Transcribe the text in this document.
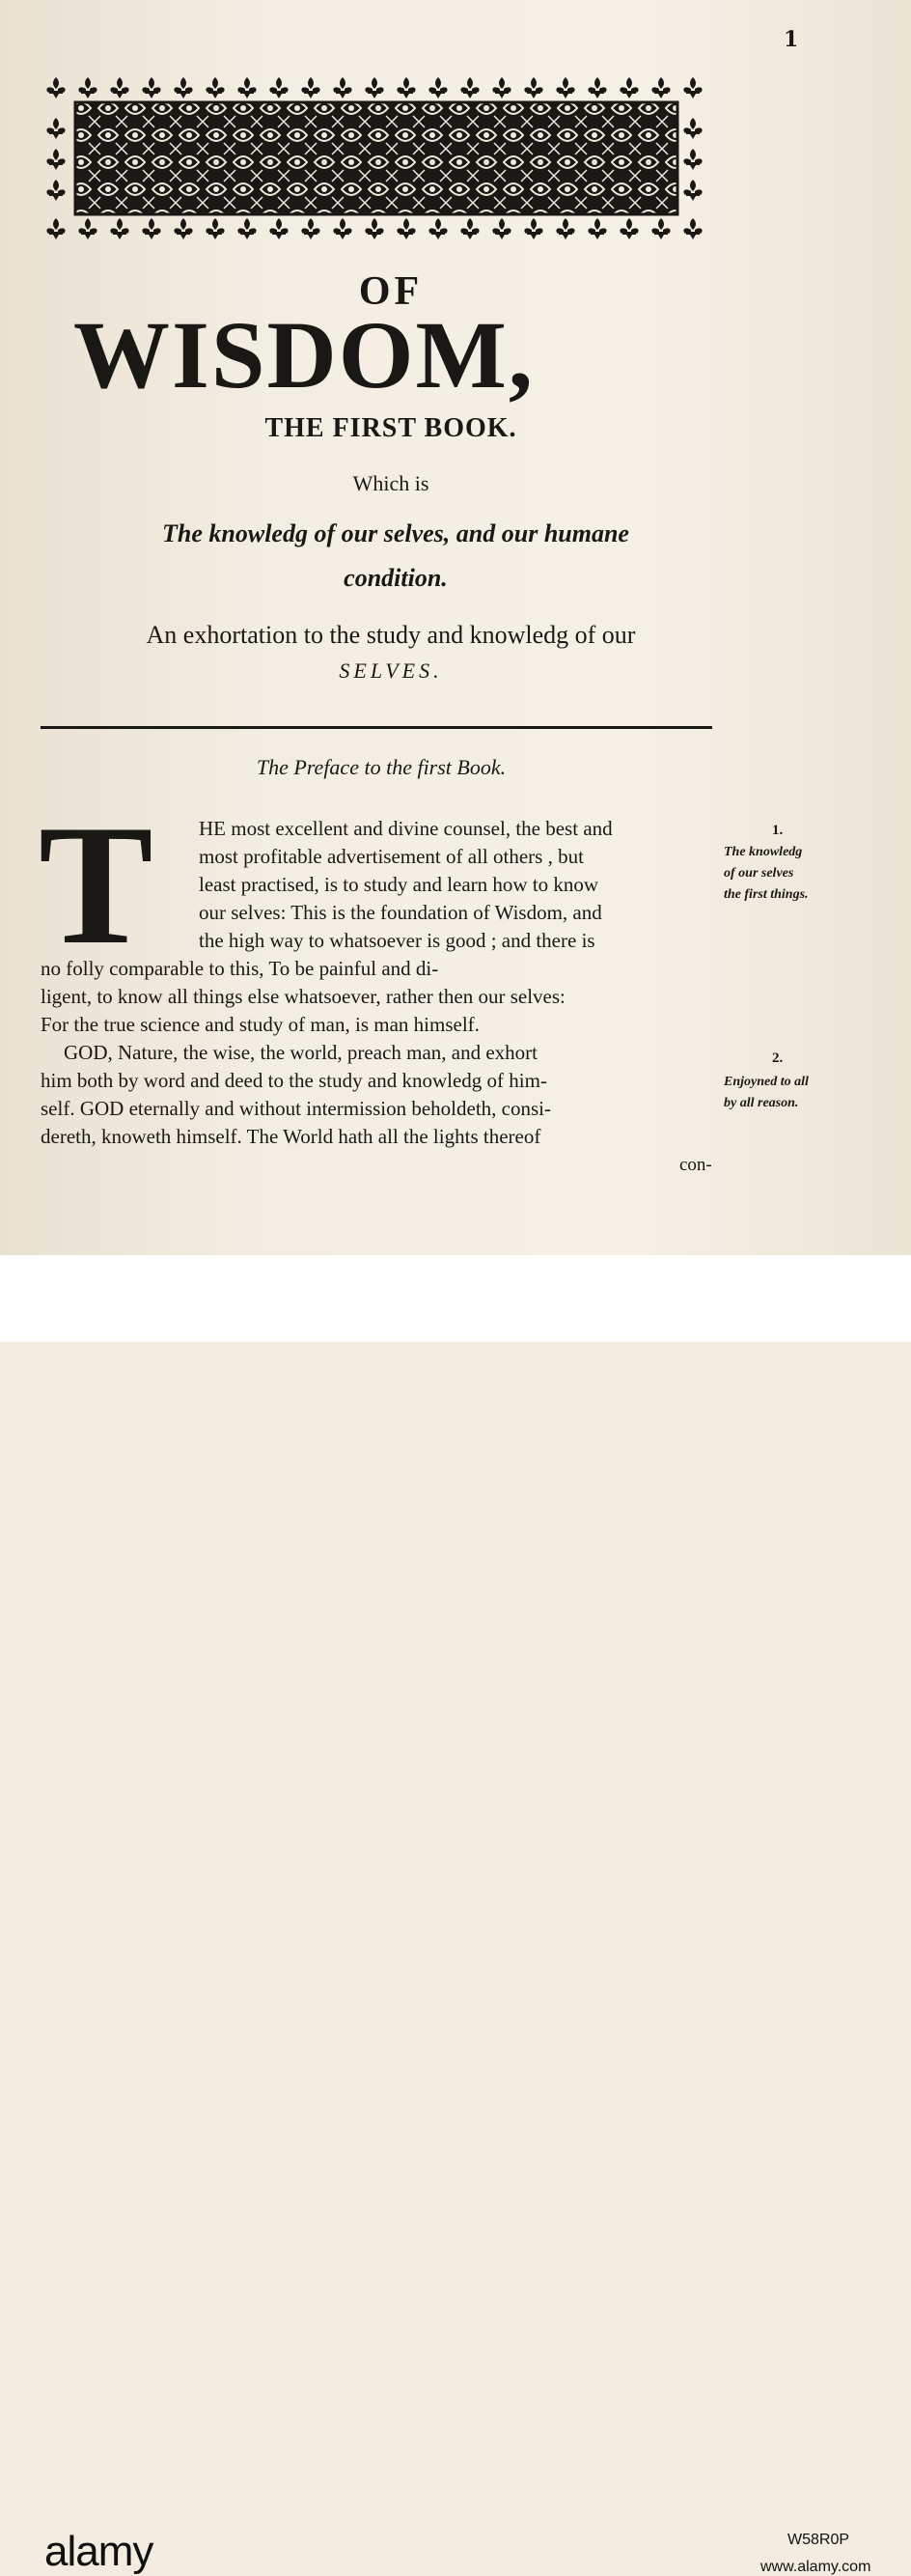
1
OF
WISDOM,
THE FIRST BOOK.
Which is
The knowledg of our selves, and our humane
condition.
An exhortation to the study and knowledg of our
SELVES.
The Preface to the first Book.
T HE most excellent and divine counsel, the best and
most profitable advertisement of all others , but
least practised, is to study and learn how to know
our selves: This is the foundation of Wisdom, and
the high way to whatsoever is good ; and there is
no folly comparable to this, To be painful and di-
ligent, to know all things else whatsoever, rather then our selves:
For the true science and study of man, is man himself.
GOD, Nature, the wise, the world, preach man, and exhort
him both by word and deed to the study and knowledg of him-
self. GOD eternally and without intermission beholdeth, consi-
dereth, knoweth himself. The World hath all the lights thereof
con-
1.
The knowledg
of our selves
the first things.
2.
Enjoyned to all
by all reason.
alamy	W58R0P
www.alamy.com
